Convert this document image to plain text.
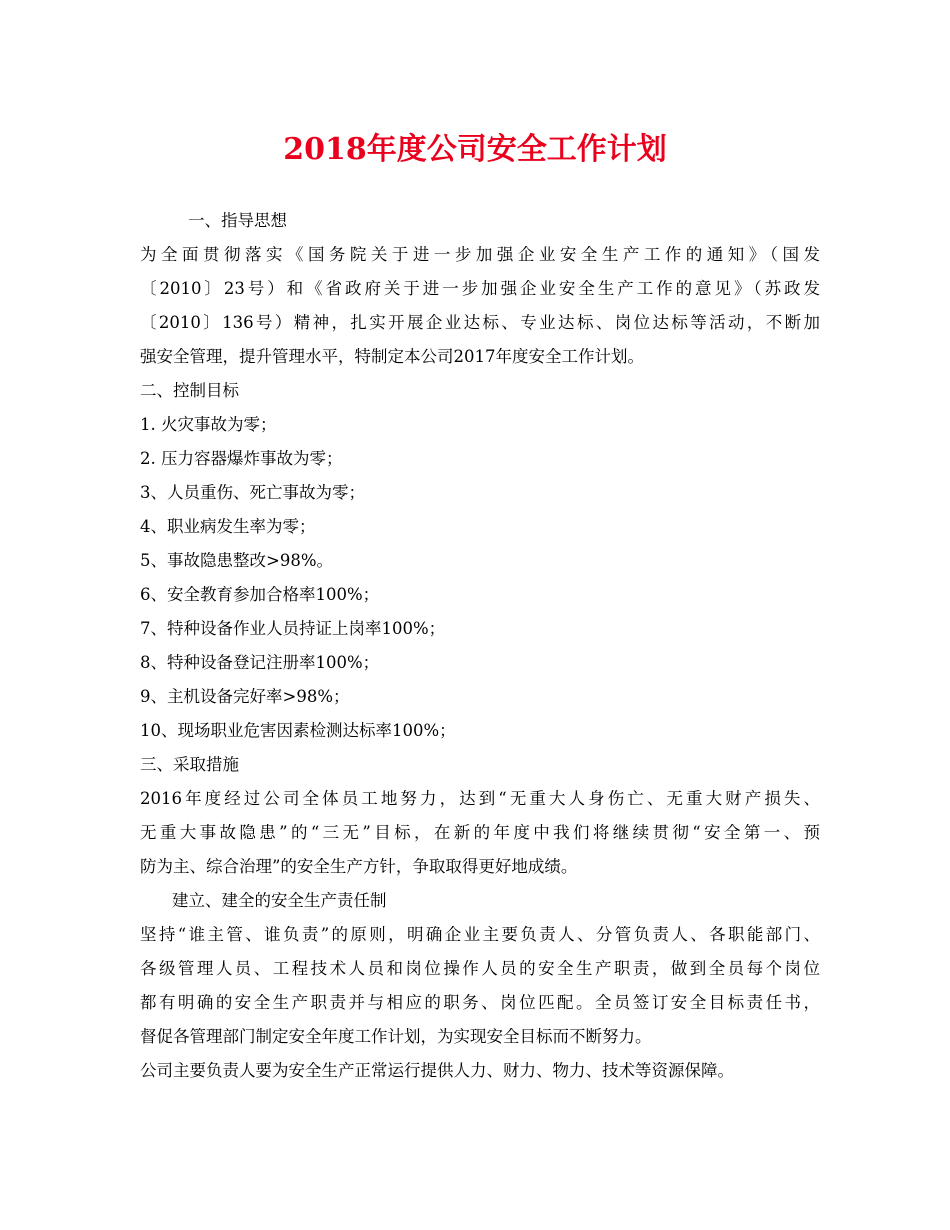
2018年度公司安全工作计划
一、指导思想
为全面贯彻落实《国务院关于进一步加强企业安全生产工作的通知》（国发
〔2010〕23号）和《省政府关于进一步加强企业安全生产工作的意见》（苏政发
〔2010〕136号）精神，扎实开展企业达标、专业达标、岗位达标等活动，不断加
强安全管理，提升管理水平，特制定本公司2017年度安全工作计划。
二、控制目标
1. 火灾事故为零；
2. 压力容器爆炸事故为零；
3、人员重伤、死亡事故为零；
4、职业病发生率为零；
5、事故隐患整改>98%。
6、安全教育参加合格率100%；
7、特种设备作业人员持证上岗率100%；
8、特种设备登记注册率100%；
9、主机设备完好率>98%；
10、现场职业危害因素检测达标率100%；
三、采取措施
2016年度经过公司全体员工地努力，达到“无重大人身伤亡、无重大财产损失、
无重大事故隐患”的“三无”目标，在新的年度中我们将继续贯彻“安全第一、预
防为主、综合治理”的安全生产方针，争取取得更好地成绩。
建立、建全的安全生产责任制
坚持“谁主管、谁负责”的原则，明确企业主要负责人、分管负责人、各职能部门、
各级管理人员、工程技术人员和岗位操作人员的安全生产职责，做到全员每个岗位
都有明确的安全生产职责并与相应的职务、岗位匹配。全员签订安全目标责任书，
督促各管理部门制定安全年度工作计划，为实现安全目标而不断努力。
公司主要负责人要为安全生产正常运行提供人力、财力、物力、技术等资源保障。
